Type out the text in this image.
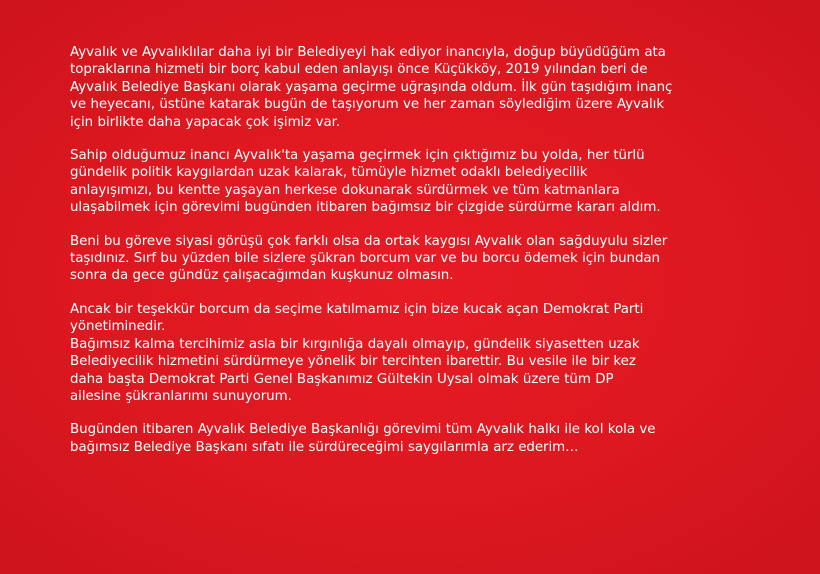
Ayvalık ve Ayvalıklılar daha iyi bir Belediyeyi hak ediyor inancıyla, doğup büyüdüğüm ata
topraklarına hizmeti bir borç kabul eden anlayışı önce Küçükköy, 2019 yılından beri de
Ayvalık Belediye Başkanı olarak yaşama geçirme uğraşında oldum. İlk gün taşıdığım inanç
ve heyecanı, üstüne katarak bugün de taşıyorum ve her zaman söylediğim üzere Ayvalık
için birlikte daha yapacak çok işimiz var.

Sahip olduğumuz inancı Ayvalık'ta yaşama geçirmek için çıktığımız bu yolda, her türlü
gündelik politik kaygılardan uzak kalarak, tümüyle hizmet odaklı belediyecilik
anlayışımızı, bu kentte yaşayan herkese dokunarak sürdürmek ve tüm katmanlara
ulaşabilmek için görevimi bugünden itibaren bağımsız bir çizgide sürdürme kararı aldım.

Beni bu göreve siyasi görüşü çok farklı olsa da ortak kaygısı Ayvalık olan sağduyulu sizler
taşıdınız. Sırf bu yüzden bile sizlere şükran borcum var ve bu borcu ödemek için bundan
sonra da gece gündüz çalışacağımdan kuşkunuz olmasın.

Ancak bir teşekkür borcum da seçime katılmamız için bize kucak açan Demokrat Parti
yönetiminedir.
Bağımsız kalma tercihimiz asla bir kırgınlığa dayalı olmayıp, gündelik siyasetten uzak
Belediyecilik hizmetini sürdürmeye yönelik bir tercihten ibarettir. Bu vesile ile bir kez
daha başta Demokrat Parti Genel Başkanımız Gültekin Uysal olmak üzere tüm DP
ailesine şükranlarımı sunuyorum.

Bugünden itibaren Ayvalık Belediye Başkanlığı görevimi tüm Ayvalık halkı ile kol kola ve
bağımsız Belediye Başkanı sıfatı ile sürdüreceğimi saygılarımla arz ederim…
